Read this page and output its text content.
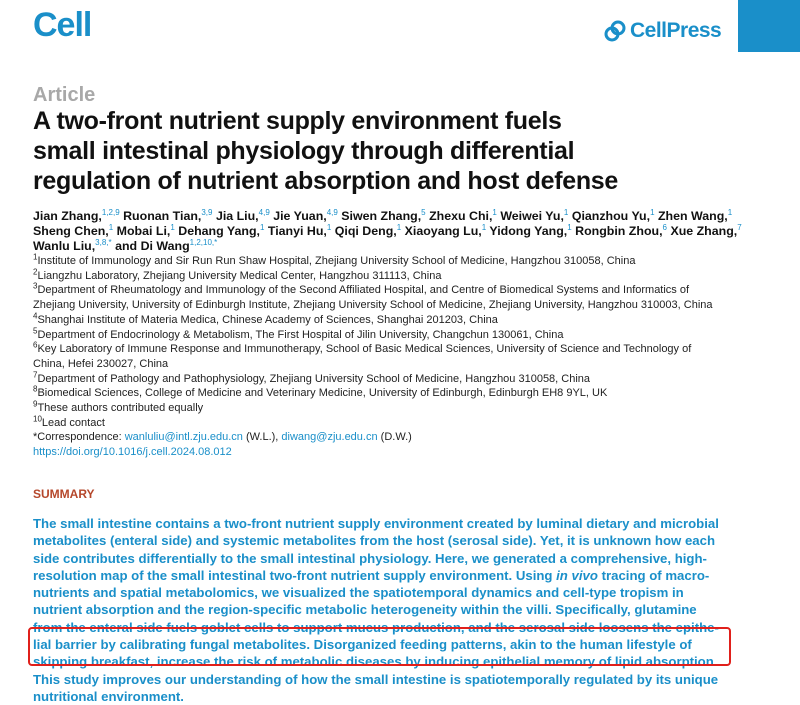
Cell	CellPress
Article
A two-front nutrient supply environment fuels
small intestinal physiology through differential
regulation of nutrient absorption and host defense
Jian Zhang,$^{1,2,9}$ Ruonan Tian,$^{3,9}$ Jia Liu,$^{4,9}$ Jie Yuan,$^{4,9}$ Siwen Zhang,$^5$ Zhexu Chi,$^1$ Weiwei Yu,$^1$ Qianzhou Yu,$^1$ Zhen Wang,$^1$
Sheng Chen,$^1$ Mobai Li,$^1$ Dehang Yang,$^1$ Tianyi Hu,$^1$ Qiqi Deng,$^1$ Xiaoyang Lu,$^1$ Yidong Yang,$^1$ Rongbin Zhou,$^6$ Xue Zhang,$^7$
Wanlu Liu,$^{3,8,*}$ and Di Wang$^{1,2,10,*}$
$^1$Institute of Immunology and Sir Run Run Shaw Hospital, Zhejiang University School of Medicine, Hangzhou 310058, China
$^2$Liangzhu Laboratory, Zhejiang University Medical Center, Hangzhou 311113, China
$^3$Department of Rheumatology and Immunology of the Second Affiliated Hospital, and Centre of Biomedical Systems and Informatics of
Zhejiang University, University of Edinburgh Institute, Zhejiang University School of Medicine, Zhejiang University, Hangzhou 310003, China
$^4$Shanghai Institute of Materia Medica, Chinese Academy of Sciences, Shanghai 201203, China
$^5$Department of Endocrinology & Metabolism, The First Hospital of Jilin University, Changchun 130061, China
$^6$Key Laboratory of Immune Response and Immunotherapy, School of Basic Medical Sciences, University of Science and Technology of
China, Hefei 230027, China
$^7$Department of Pathology and Pathophysiology, Zhejiang University School of Medicine, Hangzhou 310058, China
$^8$Biomedical Sciences, College of Medicine and Veterinary Medicine, University of Edinburgh, Edinburgh EH8 9YL, UK
$^9$These authors contributed equally
$^{10}$Lead contact
*Correspondence: wanluliu@intl.zju.edu.cn (W.L.), diwang@zju.edu.cn (D.W.)
https://doi.org/10.1016/j.cell.2024.08.012
SUMMARY
The small intestine contains a two-front nutrient supply environment created by luminal dietary and microbial
metabolites (enteral side) and systemic metabolites from the host (serosal side). Yet, it is unknown how each
side contributes differentially to the small intestinal physiology. Here, we generated a comprehensive, high-
resolution map of the small intestinal two-front nutrient supply environment. Using in vivo tracing of macro-
nutrients and spatial metabolomics, we visualized the spatiotemporal dynamics and cell-type tropism in
nutrient absorption and the region-specific metabolic heterogeneity within the villi. Specifically, glutamine
from the enteral side fuels goblet cells to support mucus production, and the serosal side loosens the epithe-
lial barrier by calibrating fungal metabolites. Disorganized feeding patterns, akin to the human lifestyle of
skipping breakfast, increase the risk of metabolic diseases by inducing epithelial memory of lipid absorption.
This study improves our understanding of how the small intestine is spatiotemporally regulated by its unique
nutritional environment.
